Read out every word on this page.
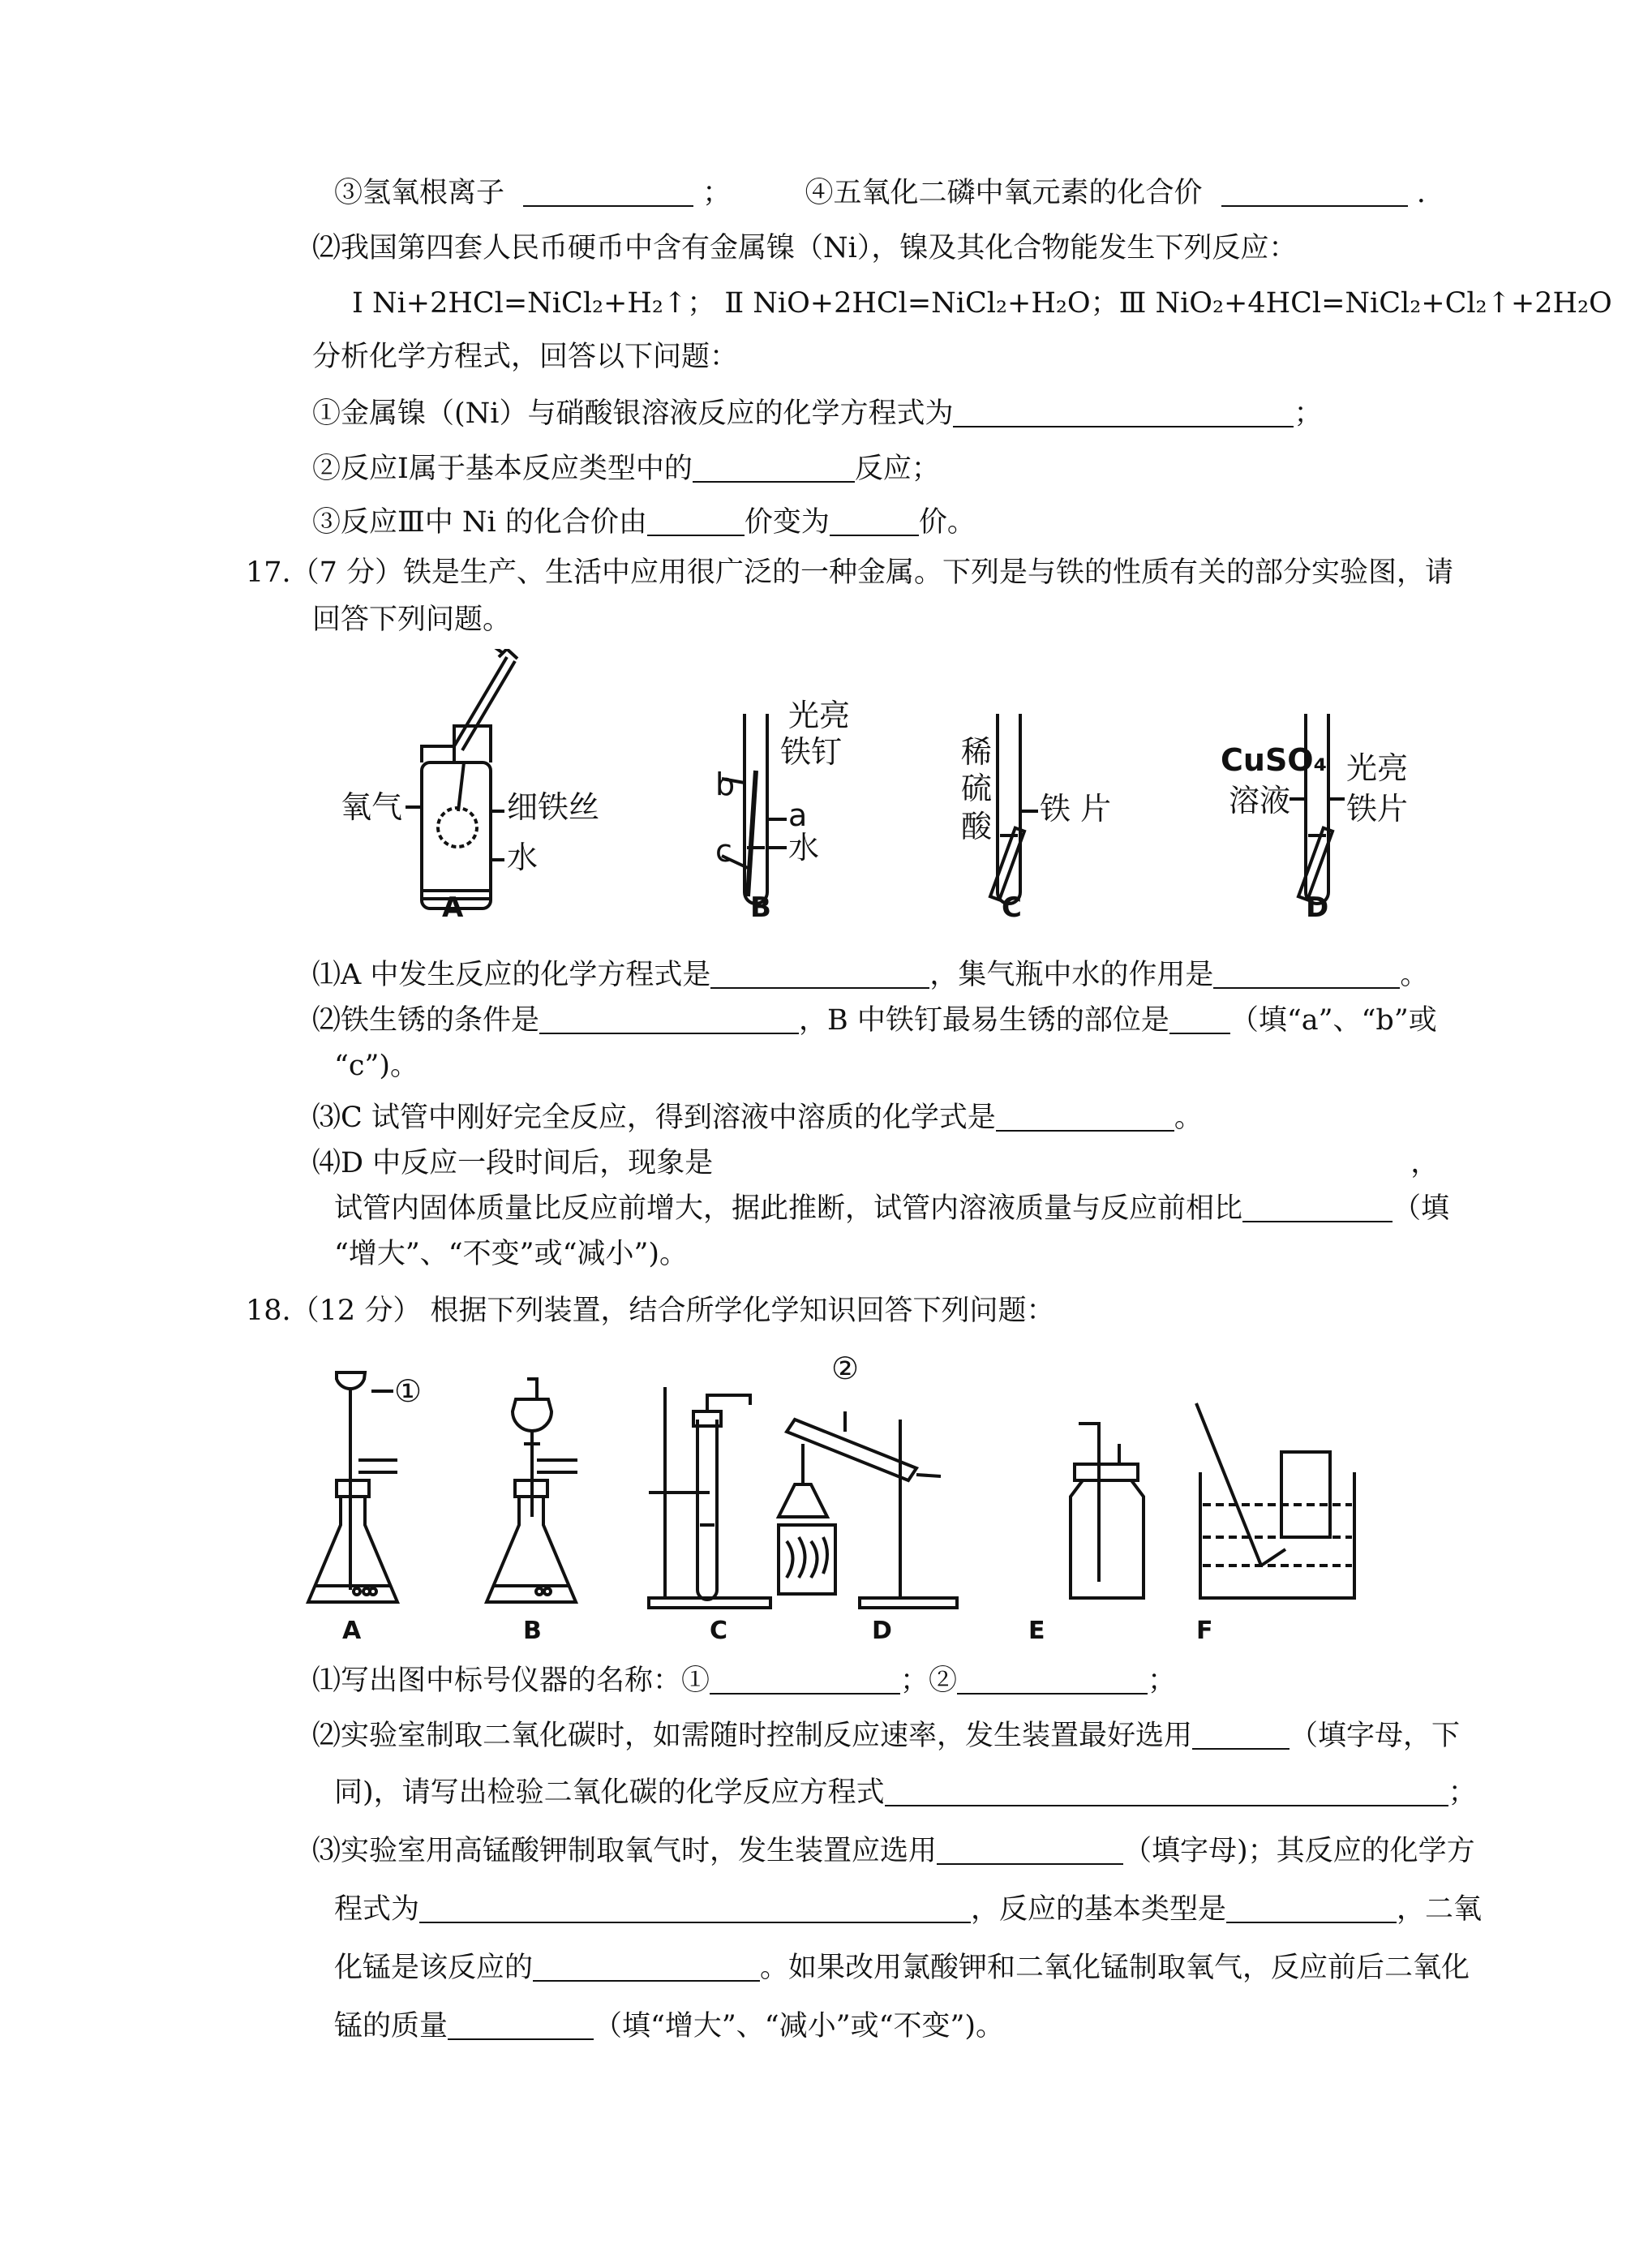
③氢氧根离子	；	④五氧化二磷中氧元素的化合价	.
⑵我国第四套人民币硬币中含有金属镍（Ni），镍及其化合物能发生下列反应：
Ⅰ Ni+2HCl=NiCl₂+H₂↑； Ⅱ NiO+2HCl=NiCl₂+H₂O；Ⅲ NiO₂+4HCl=NiCl₂+Cl₂↑+2H₂O
分析化学方程式，回答以下问题：
①金属镍（(Ni）与硝酸银溶液反应的化学方程式为	；
②反应Ⅰ属于基本反应类型中的	反应；
③反应Ⅲ中 Ni 的化合价由	价变为	价。
17.（7 分）铁是生产、生活中应用很广泛的一种金属。下列是与铁的性质有关的部分实验图，请
回答下列问题。
氧气	细铁丝
水
光亮
铁钉
b
a
c 水
稀
硫
酸 铁 片
CuSO₄
溶液
光亮
铁片
A	B	C	D
⑴A 中发生反应的化学方程式是	，集气瓶中水的作用是	。
⑵铁生锈的条件是	，B 中铁钉最易生锈的部位是 （填“a”、“b”或
“c”)。
⑶C 试管中刚好完全反应，得到溶液中溶质的化学式是	。
⑷D 中反应一段时间后，现象是	，
试管内固体质量比反应前增大，据此推断，试管内溶液质量与反应前相比	（填
“增大”、“不变”或“减小”)。
18.（12 分） 根据下列装置，结合所学化学知识回答下列问题：
①
②
A	B	C	D	E	F
⑴写出图中标号仪器的名称：①	；②	；
⑵实验室制取二氧化碳时，如需随时控制反应速率，发生装置最好选用	（填字母，下
同)，请写出检验二氧化碳的化学反应方程式	；
⑶实验室用高锰酸钾制取氧气时，发生装置应选用	（填字母)；其反应的化学方
程式为	，反应的基本类型是	，二氧
化锰是该反应的	。如果改用氯酸钾和二氧化锰制取氧气，反应前后二氧化
锰的质量	（填“增大”、“减小”或“不变”)。
